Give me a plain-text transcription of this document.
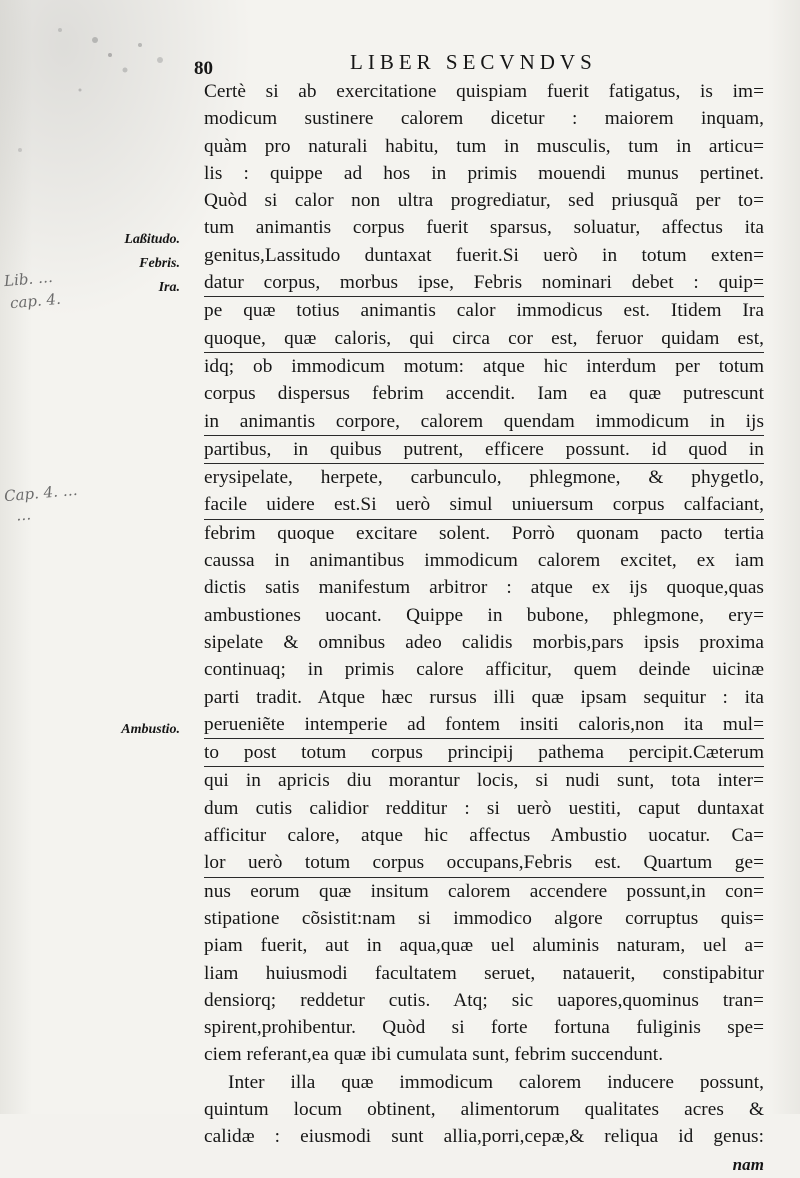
80	LIBER SECVNDVS
Laßitudo.
Febris.
Ira.
Ambustio.
Lib. …
cap. 4.
Cap. 4. …
…
Certè si ab exercitatione quispiam fuerit fatigatus, is im=
modicum sustinere calorem dicetur : maiorem inquam,
quàm pro naturali habitu, tum in musculis, tum in articu=
lis : quippe ad hos in primis mouendi munus pertinet.
Quòd si calor non ultra progrediatur, sed priusquã per to=
tum animantis corpus fuerit sparsus, soluatur, affectus ita
genitus,Lassitudo duntaxat fuerit.Si uerò in totum exten=
datur corpus, morbus ipse, Febris nominari debet : quip=
pe quæ totius animantis calor immodicus est. Itidem Ira
quoque, quæ caloris, qui circa cor est, feruor quidam est,
idq; ob immodicum motum: atque hic interdum per totum
corpus dispersus febrim accendit. Iam ea quæ putrescunt
in animantis corpore, calorem quendam immodicum in ijs
partibus, in quibus putrent, efficere possunt. id quod in
erysipelate, herpete, carbunculo, phlegmone, & phygetlo,
facile uidere est.Si uerò simul uniuersum corpus calfaciant,
febrim quoque excitare solent. Porrò quonam pacto tertia
caussa in animantibus immodicum calorem excitet, ex iam
dictis satis manifestum arbitror : atque ex ijs quoque,quas
ambustiones uocant. Quippe in bubone, phlegmone, ery=
sipelate & omnibus adeo calidis morbis,pars ipsis proxima
continuaq; in primis calore afficitur, quem deinde uicinæ
parti tradit. Atque hæc rursus illi quæ ipsam sequitur : ita
perueniẽte intemperie ad fontem insiti caloris,non ita mul=
to post totum corpus principij pathema percipit.Cæterum
qui in apricis diu morantur locis, si nudi sunt, tota inter=
dum cutis calidior redditur : si uerò uestiti, caput duntaxat
afficitur calore, atque hic affectus Ambustio uocatur. Ca=
lor uerò totum corpus occupans,Febris est. Quartum ge=
nus eorum quæ insitum calorem accendere possunt,in con=
stipatione cõsistit:nam si immodico algore corruptus quis=
piam fuerit, aut in aqua,quæ uel aluminis naturam, uel a=
liam huiusmodi facultatem seruet, natauerit, constipabitur
densiorq; reddetur cutis. Atq; sic uapores,quominus tran=
spirent,prohibentur. Quòd si forte fortuna fuliginis spe=
ciem referant,ea quæ ibi cumulata sunt, febrim succendunt.
Inter illa quæ immodicum calorem inducere possunt,
quintum locum obtinent, alimentorum qualitates acres &
calidæ : eiusmodi sunt allia,porri,cepæ,& reliqua id genus:
nam
